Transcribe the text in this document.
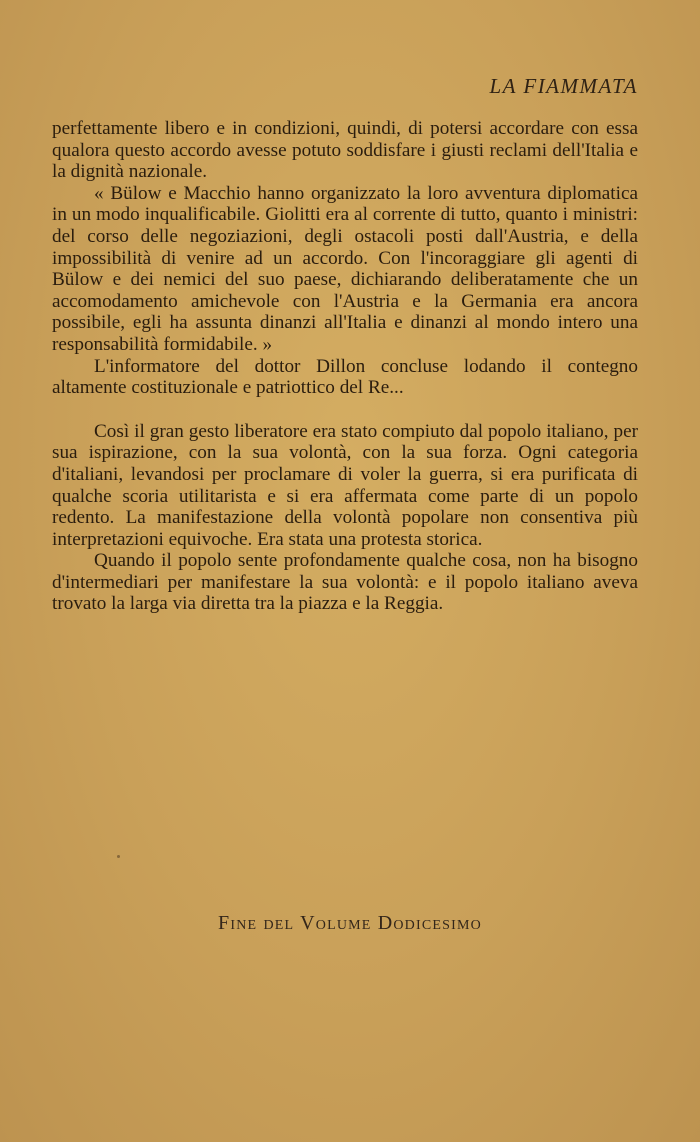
LA FIAMMATA

perfettamente libero e in condizioni, quindi, di potersi accordare con essa qualora questo accordo avesse potuto soddisfare i giusti reclami dell'Italia e la dignità nazionale.

« Bülow e Macchio hanno organizzato la loro avventura diplomatica in un modo inqualificabile. Giolitti era al corrente di tutto, quanto i ministri: del corso delle negoziazioni, degli ostacoli posti dall'Austria, e della impossibilità di venire ad un accordo. Con l'incoraggiare gli agenti di Bülow e dei nemici del suo paese, dichiarando deliberatamente che un accomodamento amichevole con l'Austria e la Germania era ancora possibile, egli ha assunta dinanzi all'Italia e dinanzi al mondo intero una responsabilità formidabile. »

L'informatore del dottor Dillon concluse lodando il contegno altamente costituzionale e patriottico del Re...

Così il gran gesto liberatore era stato compiuto dal popolo italiano, per sua ispirazione, con la sua volontà, con la sua forza. Ogni categoria d'italiani, levandosi per proclamare di voler la guerra, si era purificata di qualche scoria utilitarista e si era affermata come parte di un popolo redento. La manifestazione della volontà popolare non consentiva più interpretazioni equivoche. Era stata una protesta storica.

Quando il popolo sente profondamente qualche cosa, non ha bisogno d'intermediari per manifestare la sua volontà: e il popolo italiano aveva trovato la larga via diretta tra la piazza e la Reggia.

Fine del Volume Dodicesimo
